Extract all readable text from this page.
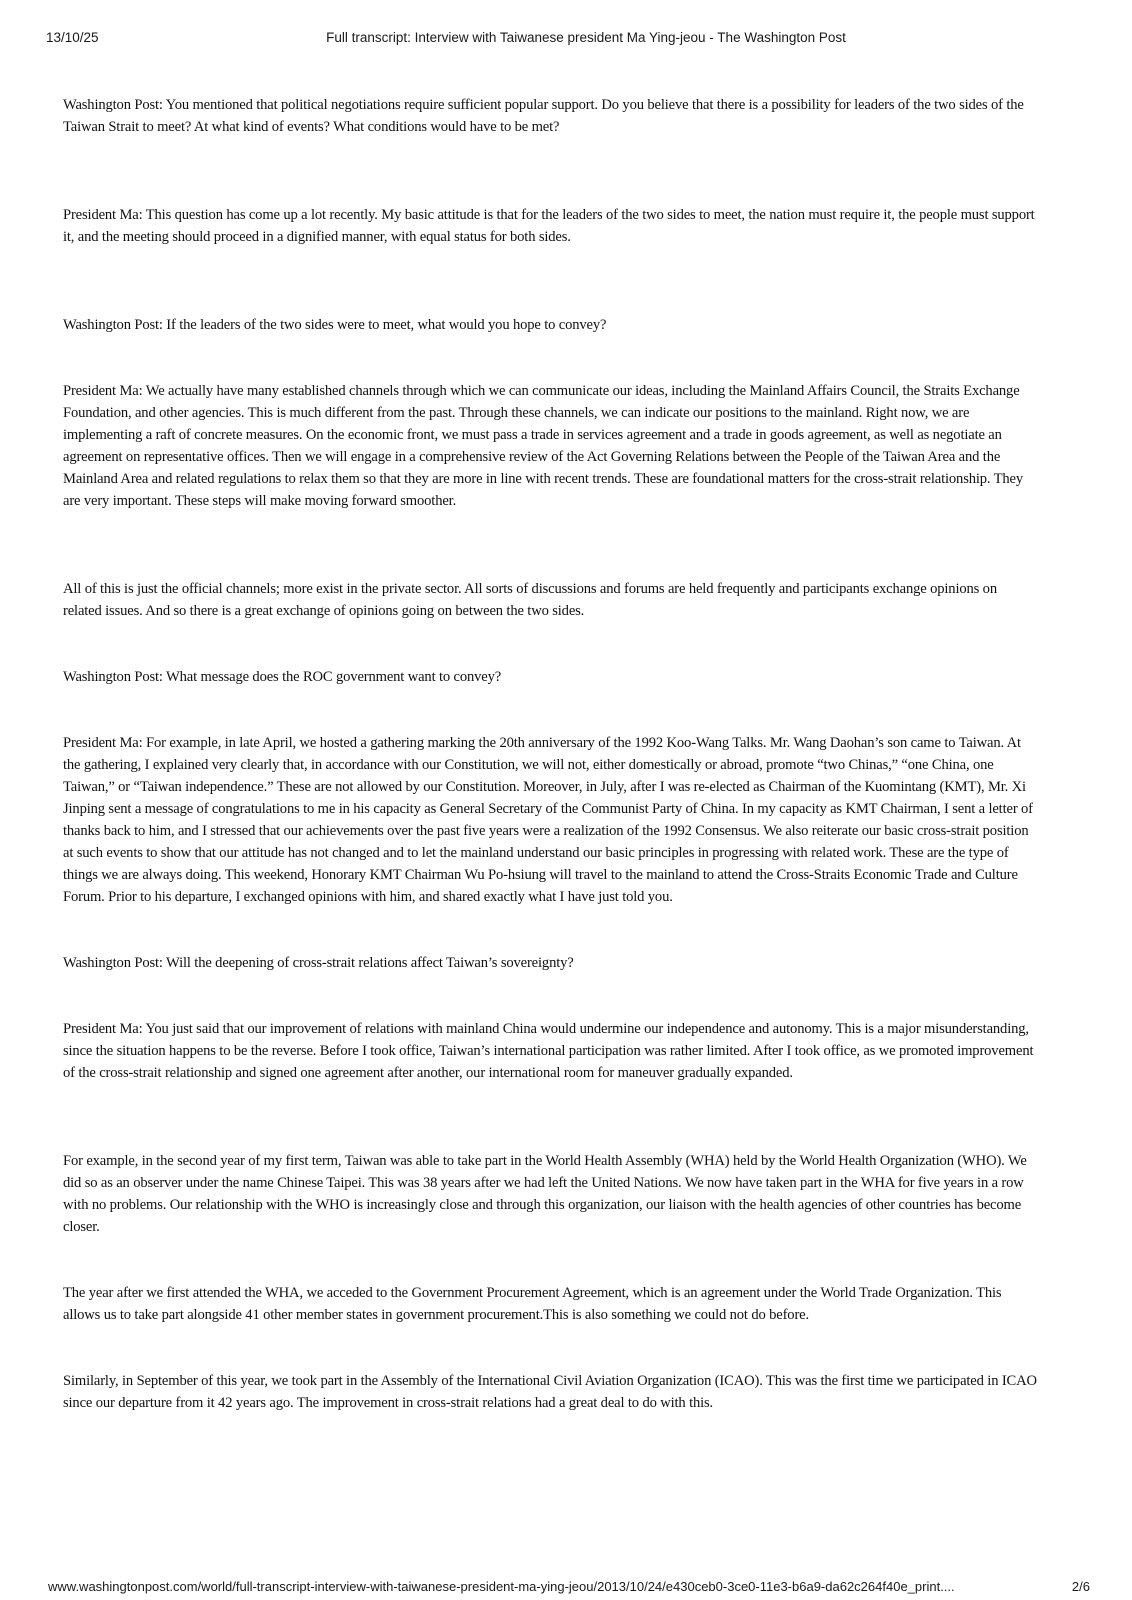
13/10/25	Full transcript: Interview with Taiwanese president Ma Ying-jeou - The Washington Post

Washington Post: You mentioned that political negotiations require sufficient popular support. Do you believe that there is a possibility for leaders of the two sides of the Taiwan Strait to meet? At what kind of events? What conditions would have to be met?

President Ma: This question has come up a lot recently. My basic attitude is that for the leaders of the two sides to meet, the nation must require it, the people must support it, and the meeting should proceed in a dignified manner, with equal status for both sides.

Washington Post: If the leaders of the two sides were to meet, what would you hope to convey?

President Ma: We actually have many established channels through which we can communicate our ideas, including the Mainland Affairs Council, the Straits Exchange Foundation, and other agencies. This is much different from the past. Through these channels, we can indicate our positions to the mainland. Right now, we are implementing a raft of concrete measures. On the economic front, we must pass a trade in services agreement and a trade in goods agreement, as well as negotiate an agreement on representative offices. Then we will engage in a comprehensive review of the Act Governing Relations between the People of the Taiwan Area and the Mainland Area and related regulations to relax them so that they are more in line with recent trends. These are foundational matters for the cross-strait relationship. They are very important. These steps will make moving forward smoother.

All of this is just the official channels; more exist in the private sector. All sorts of discussions and forums are held frequently and participants exchange opinions on related issues. And so there is a great exchange of opinions going on between the two sides.

Washington Post: What message does the ROC government want to convey?

President Ma: For example, in late April, we hosted a gathering marking the 20th anniversary of the 1992 Koo-Wang Talks. Mr. Wang Daohan’s son came to Taiwan. At the gathering, I explained very clearly that, in accordance with our Constitution, we will not, either domestically or abroad, promote “two Chinas,” “one China, one Taiwan,” or “Taiwan independence.” These are not allowed by our Constitution. Moreover, in July, after I was re-elected as Chairman of the Kuomintang (KMT), Mr. Xi Jinping sent a message of congratulations to me in his capacity as General Secretary of the Communist Party of China. In my capacity as KMT Chairman, I sent a letter of thanks back to him, and I stressed that our achievements over the past five years were a realization of the 1992 Consensus. We also reiterate our basic cross-strait position at such events to show that our attitude has not changed and to let the mainland understand our basic principles in progressing with related work. These are the type of things we are always doing. This weekend, Honorary KMT Chairman Wu Po-hsiung will travel to the mainland to attend the Cross-Straits Economic Trade and Culture Forum. Prior to his departure, I exchanged opinions with him, and shared exactly what I have just told you.

Washington Post: Will the deepening of cross-strait relations affect Taiwan’s sovereignty?

President Ma: You just said that our improvement of relations with mainland China would undermine our independence and autonomy. This is a major misunderstanding, since the situation happens to be the reverse. Before I took office, Taiwan’s international participation was rather limited. After I took office, as we promoted improvement of the cross-strait relationship and signed one agreement after another, our international room for maneuver gradually expanded.

For example, in the second year of my first term, Taiwan was able to take part in the World Health Assembly (WHA) held by the World Health Organization (WHO). We did so as an observer under the name Chinese Taipei. This was 38 years after we had left the United Nations. We now have taken part in the WHA for five years in a row with no problems. Our relationship with the WHO is increasingly close and through this organization, our liaison with the health agencies of other countries has become closer.

The year after we first attended the WHA, we acceded to the Government Procurement Agreement, which is an agreement under the World Trade Organization. This allows us to take part alongside 41 other member states in government procurement.This is also something we could not do before.

Similarly, in September of this year, we took part in the Assembly of the International Civil Aviation Organization (ICAO). This was the first time we participated in ICAO since our departure from it 42 years ago. The improvement in cross-strait relations had a great deal to do with this.

www.washingtonpost.com/world/full-transcript-interview-with-taiwanese-president-ma-ying-jeou/2013/10/24/e430ceb0-3ce0-11e3-b6a9-da62c264f40e_print....	2/6
